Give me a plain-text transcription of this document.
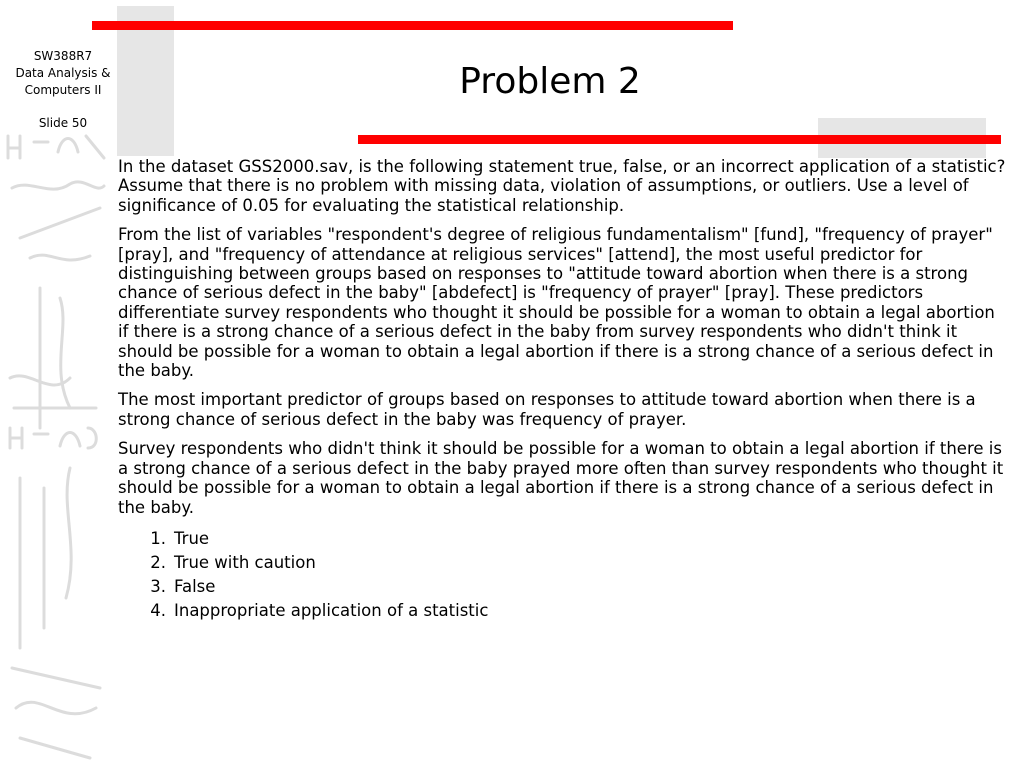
SW388R7
Data Analysis &
Computers II
Slide 50
Problem 2

In the dataset GSS2000.sav, is the following statement true, false, or an incorrect application of a statistic? Assume that there is no problem with missing data, violation of assumptions, or outliers. Use a level of significance of 0.05 for evaluating the statistical relationship.

From the list of variables "respondent's degree of religious fundamentalism" [fund], "frequency of prayer" [pray], and "frequency of attendance at religious services" [attend], the most useful predictor for distinguishing between groups based on responses to "attitude toward abortion when there is a strong chance of serious defect in the baby" [abdefect] is "frequency of prayer" [pray]. These predictors differentiate survey respondents who thought it should be possible for a woman to obtain a legal abortion if there is a strong chance of a serious defect in the baby from survey respondents who didn't think it should be possible for a woman to obtain a legal abortion if there is a strong chance of a serious defect in the baby.

The most important predictor of groups based on responses to attitude toward abortion when there is a strong chance of serious defect in the baby was frequency of prayer.

Survey respondents who didn't think it should be possible for a woman to obtain a legal abortion if there is a strong chance of a serious defect in the baby prayed more often than survey respondents who thought it should be possible for a woman to obtain a legal abortion if there is a strong chance of a serious defect in the baby.

1. True
2. True with caution
3. False
4. Inappropriate application of a statistic
